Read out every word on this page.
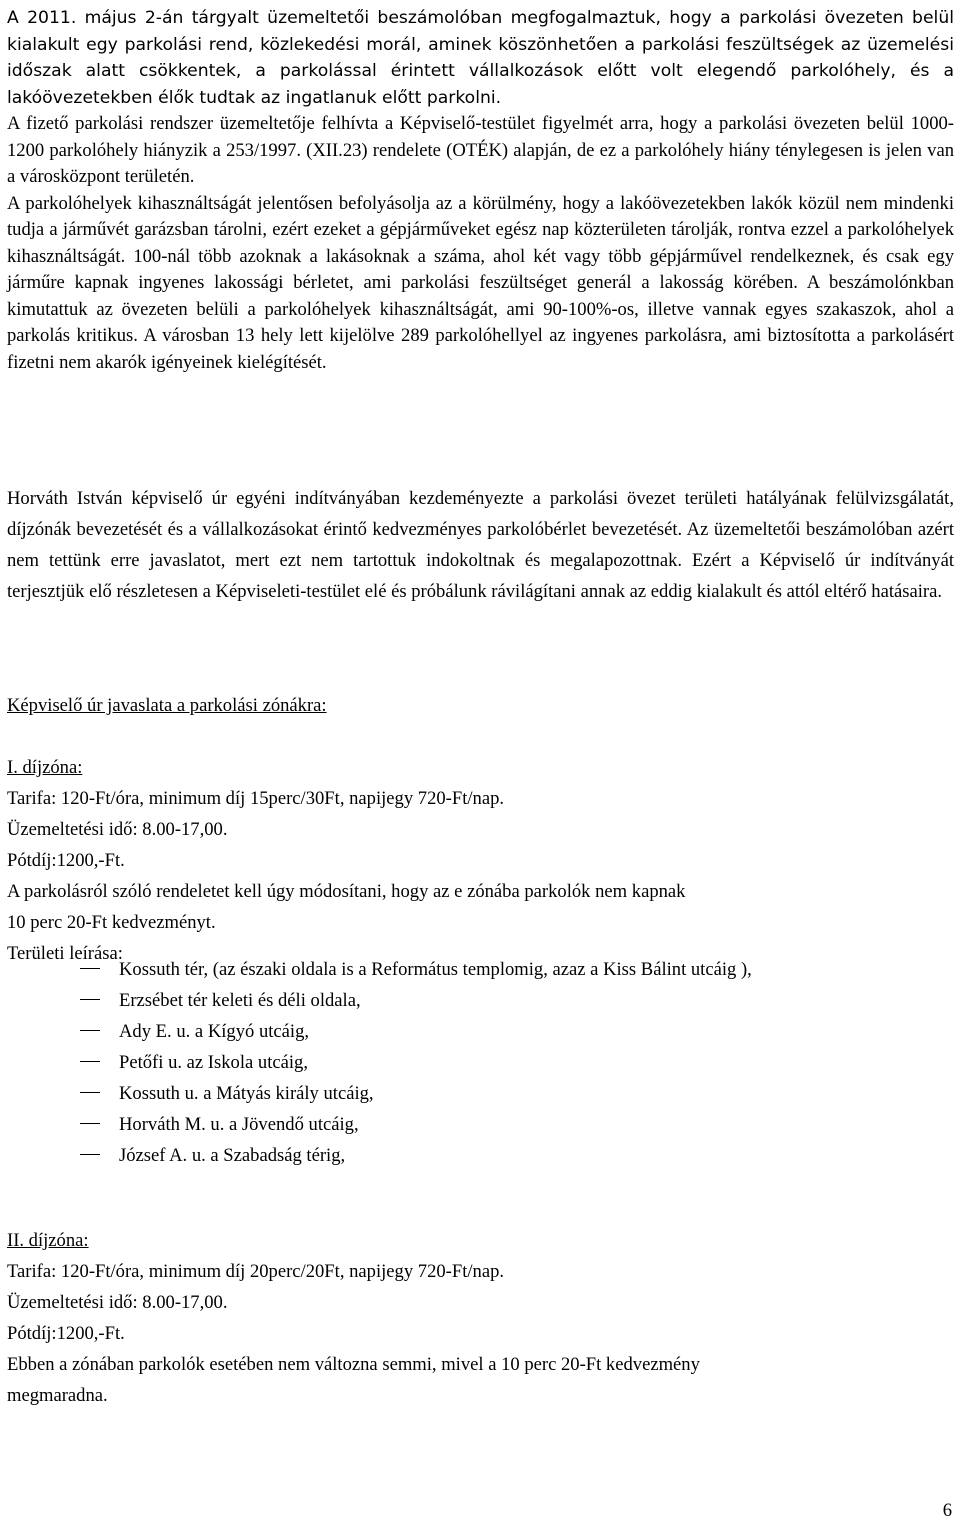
A 2011. május 2-án tárgyalt üzemeltetői beszámolóban megfogalmaztuk, hogy a parkolási övezeten belül kialakult egy parkolási rend, közlekedési morál, aminek köszönhetően a parkolási feszültségek az üzemelési időszak alatt csökkentek, a parkolással érintett vállalkozások előtt volt elegendő parkolóhely, és a lakóövezetekben élők tudtak az ingatlanuk előtt parkolni.

A fizető parkolási rendszer üzemeltetője felhívta a Képviselő-testület figyelmét arra, hogy a parkolási övezeten belül 1000-1200 parkolóhely hiányzik a 253/1997. (XII.23) rendelete (OTÉK) alapján, de ez a parkolóhely hiány ténylegesen is jelen van a városközpont területén.

A parkolóhelyek kihasználtságát jelentősen befolyásolja az a körülmény, hogy a lakóövezetekben lakók közül nem mindenki tudja a járművét garázsban tárolni, ezért ezeket a gépjárműveket egész nap közterületen tárolják, rontva ezzel a parkolóhelyek kihasználtságát. 100-nál több azoknak a lakásoknak a száma, ahol két vagy több gépjárművel rendelkeznek, és csak egy járműre kapnak ingyenes lakossági bérletet, ami parkolási feszültséget generál a lakosság körében. A beszámolónkban kimutattuk az övezeten belüli a parkolóhelyek kihasználtságát, ami 90-100%-os, illetve vannak egyes szakaszok, ahol a parkolás kritikus. A városban 13 hely lett kijelölve 289 parkolóhellyel az ingyenes parkolásra, ami biztosította a parkolásért fizetni nem akarók igényeinek kielégítését.

Horváth István képviselő úr egyéni indítványában kezdeményezte a parkolási övezet területi hatályának felülvizsgálatát, díjzónák bevezetését és a vállalkozásokat érintő kedvezményes parkolóbérlet bevezetését. Az üzemeltetői beszámolóban azért nem tettünk erre javaslatot, mert ezt nem tartottuk indokoltnak és megalapozottnak. Ezért a Képviselő úr indítványát terjesztjük elő részletesen a Képviseleti-testület elé és próbálunk rávilágítani annak az eddig kialakult és attól eltérő hatásaira.

Képviselő úr javaslata a parkolási zónákra:
I. díjzóna:
Tarifa: 120-Ft/óra, minimum díj 15perc/30Ft, napijegy 720-Ft/nap.
Üzemeltetési idő: 8.00-17,00.
Pótdíj:1200,-Ft.
A parkolásról szóló rendeletet kell úgy módosítani, hogy az e zónába parkolók nem kapnak
10 perc 20-Ft kedvezményt.
Területi leírása:
Kossuth tér, (az északi oldala is a Református templomig, azaz a Kiss Bálint utcáig ),
Erzsébet tér keleti és déli oldala,
Ady E. u. a Kígyó utcáig,
Petőfi u. az Iskola utcáig,
Kossuth u. a Mátyás király utcáig,
Horváth M. u. a Jövendő utcáig,
József A. u. a Szabadság térig,
II. díjzóna:
Tarifa: 120-Ft/óra, minimum díj 20perc/20Ft, napijegy 720-Ft/nap.
Üzemeltetési idő: 8.00-17,00.
Pótdíj:1200,-Ft.
Ebben a zónában parkolók esetében nem változna semmi, mivel a 10 perc 20-Ft kedvezmény
megmaradna.
6
